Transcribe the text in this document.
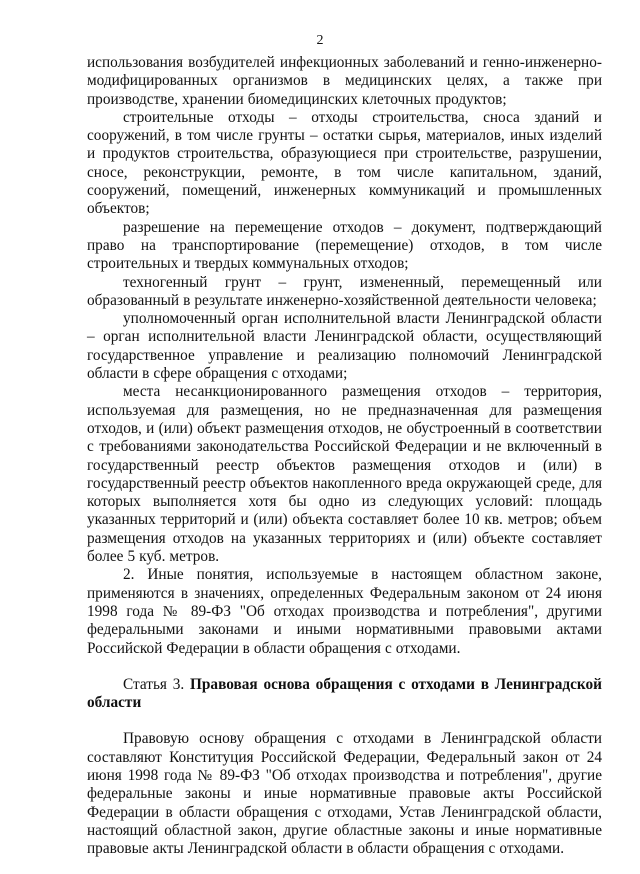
2

использования возбудителей инфекционных заболеваний и генно-инженерно-модифицированных организмов в медицинских целях, а также при производстве, хранении биомедицинских клеточных продуктов;

строительные отходы – отходы строительства, сноса зданий и сооружений, в том числе грунты – остатки сырья, материалов, иных изделий и продуктов строительства, образующиеся при строительстве, разрушении, сносе, реконструкции, ремонте, в том числе капитальном, зданий, сооружений, помещений, инженерных коммуникаций и промышленных объектов;

разрешение на перемещение отходов – документ, подтверждающий право на транспортирование (перемещение) отходов, в том числе строительных и твердых коммунальных отходов;

техногенный грунт – грунт, измененный, перемещенный или образованный в результате инженерно-хозяйственной деятельности человека;

уполномоченный орган исполнительной власти Ленинградской области – орган исполнительной власти Ленинградской области, осуществляющий государственное управление и реализацию полномочий Ленинградской области в сфере обращения с отходами;

места несанкционированного размещения отходов – территория, используемая для размещения, но не предназначенная для размещения отходов, и (или) объект размещения отходов, не обустроенный в соответствии с требованиями законодательства Российской Федерации и не включенный в государственный реестр объектов размещения отходов и (или) в государственный реестр объектов накопленного вреда окружающей среде, для которых выполняется хотя бы одно из следующих условий: площадь указанных территорий и (или) объекта составляет более 10 кв. метров; объем размещения отходов на указанных территориях и (или) объекте составляет более 5 куб. метров.

2. Иные понятия, используемые в настоящем областном законе, применяются в значениях, определенных Федеральным законом от 24 июня 1998 года № 89-ФЗ "Об отходах производства и потребления", другими федеральными законами и иными нормативными правовыми актами Российской Федерации в области обращения с отходами.

Статья 3. Правовая основа обращения с отходами в Ленинградской области

Правовую основу обращения с отходами в Ленинградской области составляют Конституция Российской Федерации, Федеральный закон от 24 июня 1998 года № 89-ФЗ "Об отходах производства и потребления", другие федеральные законы и иные нормативные правовые акты Российской Федерации в области обращения с отходами, Устав Ленинградской области, настоящий областной закон, другие областные законы и иные нормативные правовые акты Ленинградской области в области обращения с отходами.
